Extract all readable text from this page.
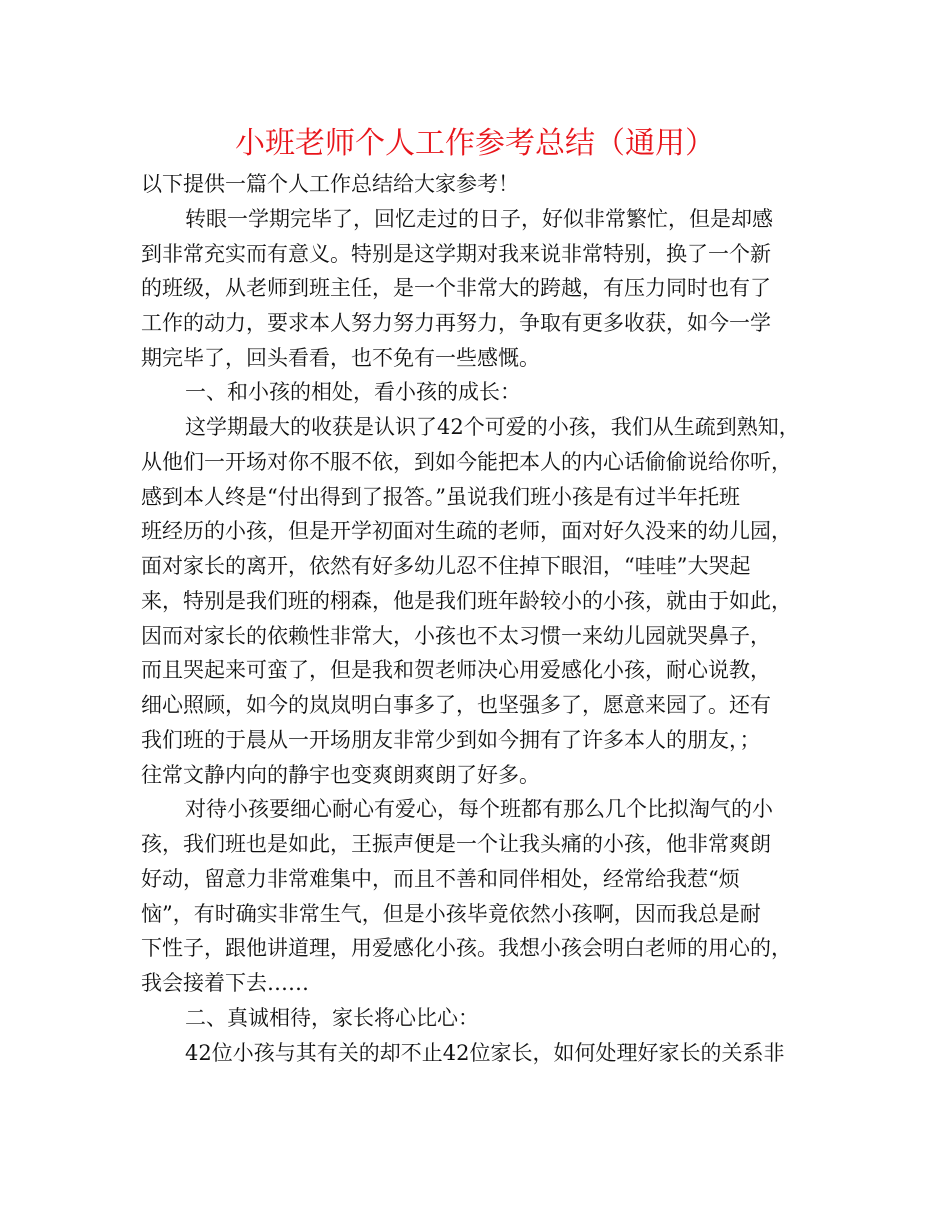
小班老师个人工作参考总结（通用）
以下提供一篇个人工作总结给大家参考！
转眼一学期完毕了，回忆走过的日子，好似非常繁忙，但是却感
到非常充实而有意义。特别是这学期对我来说非常特别，换了一个新
的班级，从老师到班主任，是一个非常大的跨越，有压力同时也有了
工作的动力，要求本人努力努力再努力，争取有更多收获，如今一学
期完毕了，回头看看，也不免有一些感慨。
一、和小孩的相处，看小孩的成长：
这学期最大的收获是认识了42个可爱的小孩，我们从生疏到熟知，
从他们一开场对你不服不依，到如今能把本人的内心话偷偷说给你听，
感到本人终是“付出得到了报答。”虽说我们班小孩是有过半年托班
班经历的小孩，但是开学初面对生疏的老师，面对好久没来的幼儿园，
面对家长的离开，依然有好多幼儿忍不住掉下眼泪，“哇哇”大哭起
来，特别是我们班的栩森，他是我们班年龄较小的小孩，就由于如此，
因而对家长的依赖性非常大，小孩也不太习惯一来幼儿园就哭鼻子，
而且哭起来可蛮了，但是我和贺老师决心用爱感化小孩，耐心说教，
细心照顾，如今的岚岚明白事多了，也坚强多了，愿意来园了。还有
我们班的于晨从一开场朋友非常少到如今拥有了许多本人的朋友，；
往常文静内向的静宇也变爽朗爽朗了好多。
对待小孩要细心耐心有爱心，每个班都有那么几个比拟淘气的小
孩，我们班也是如此，王振声便是一个让我头痛的小孩，他非常爽朗
好动，留意力非常难集中，而且不善和同伴相处，经常给我惹“烦
恼”，有时确实非常生气，但是小孩毕竟依然小孩啊，因而我总是耐
下性子，跟他讲道理，用爱感化小孩。我想小孩会明白老师的用心的，
我会接着下去……
二、真诚相待，家长将心比心：
42位小孩与其有关的却不止42位家长，如何处理好家长的关系非
